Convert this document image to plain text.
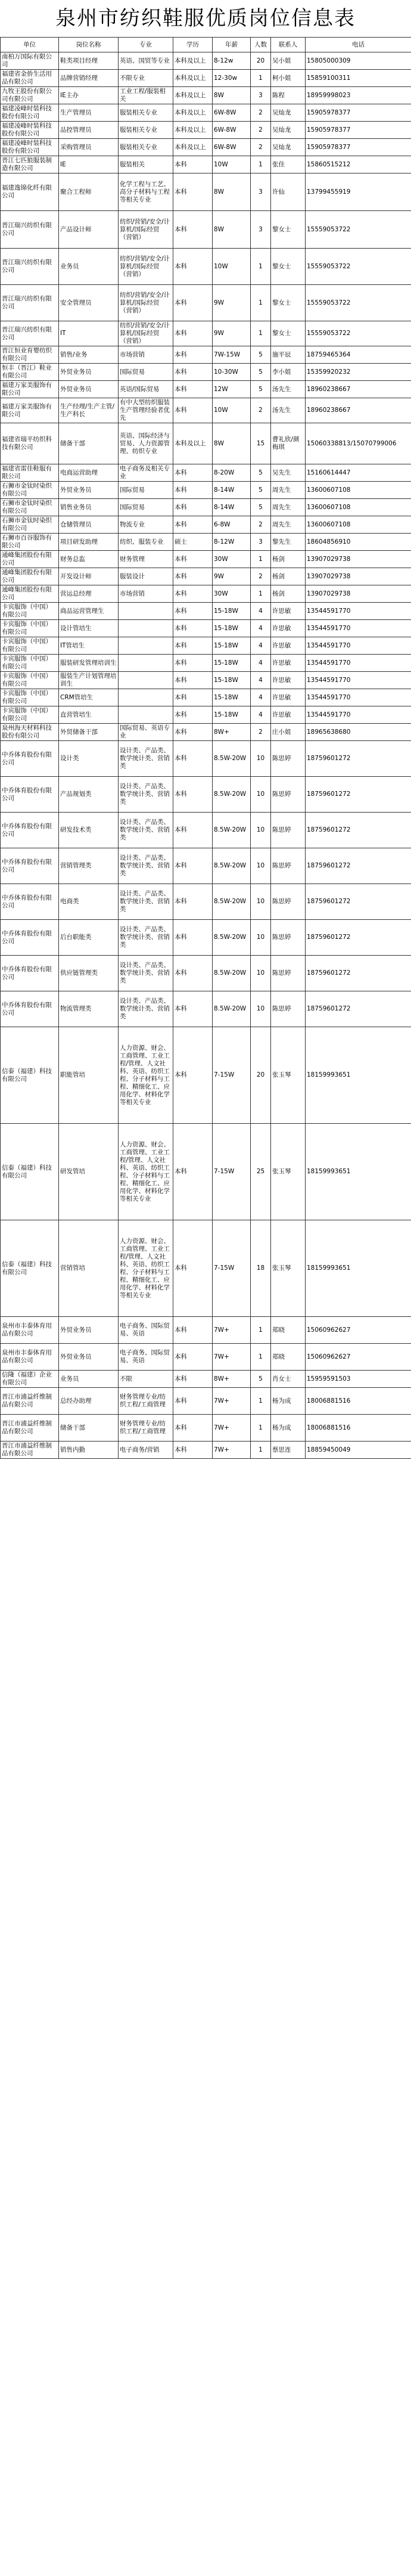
泉州市纺织鞋服优质岗位信息表
单位	岗位名称	专业	学历	年薪	人数	联系人	电话
南柏万国际有限公司	鞋类项目经理	英语、国贸等专业	本科及以上	8-12w	20	吴小姐	15805000309
福建省金侨生活用品有限公司	品牌营销经理	不限专业	本科及以上	12-30w	1	柯小姐	15859100311
九牧王股份有限公司有限公司	IE主办	工业工程/服装相关	本科及以上	8W	3	陈程	18959998023
福建凌峰时装科技股份有限公司	生产管理员	服装相关专业	本科及以上	6W-8W	2	吴灿龙	15905978377
福建凌峰时装科技股份有限公司	品控管理员	服装相关专业	本科及以上	6W-8W	2	吴灿龙	15905978377
福建凌峰时装科技股份有限公司	采购管理员	服装相关专业	本科及以上	6W-8W	2	吴灿龙	15905978377
晋江七匹狼服装制造有限公司	IE	服装相关	本科	10W	1	张佳	15860515212
福建逸锦化纤有限公司	聚合工程师	化学工程与工艺、高分子材料与工程等相关专业	本科	8W	3	许仙	13799455919
晋江瑞兴纺织有限公司	产品设计师	纺织/营销/安全/计算机/国际经贸（营销）	本科	8W	3	黎女士	15559053722
晋江瑞兴纺织有限公司	业务员	纺织/营销/安全/计算机/国际经贸（营销）	本科	10W	1	黎女士	15559053722
晋江瑞兴纺织有限公司	安全管理员	纺织/营销/安全/计算机/国际经贸（营销）	本科	9W	1	黎女士	15559053722
晋江瑞兴纺织有限公司	IT	纺织/营销/安全/计算机/国际经贸（营销）	本科	9W	1	黎女士	15559053722
晋江恒业育婴纺织有限公司	销售/业务	市场营销	本科	7W-15W	5	施平辰	18759465364
恒丰（晋江）鞋业有限公司	外贸业务员	国际贸易	本科	10-30W	5	李小姐	15359920232
福建万家美服饰有限公司	外贸业务员	英语/国际贸易	本科	12W	5	汤先生	18960238667
福建万家美服饰有限公司	生产经理/生产主管/生产科长	有中大型纺织服装生产管理经验者优先	本科	10W	2	汤先生	18960238667
福建省瑞平纺织科技有限公司	储备干部	英语、国际经济与贸易、人力资源管理、纺织专业	本科及以上	8W	15	曹礼欣/颜梅琪	15060338813/15070799006
福建省雷佳鞋服有限公司	电商运营助理	电子商务及相关专业	本科	8-20W	5	吴先生	15160614447
石狮市金钛时染织有限公司	外贸业务员	国际贸易	本科	8-14W	5	周先生	13600607108
石狮市金钛时染织有限公司	销售业务员	国际贸易	本科	8-14W	5	周先生	13600607108
石狮市金钛时染织有限公司	仓储管理员	物流专业	本科	6-8W	2	周先生	13600607108
石狮市百谷服饰有限公司	项目研发助理	纺织、服装专业	硕士	8-12W	3	黎先生	18604856910
通峰集团股份有限公司	财务总监	财务管理	本科	30W	1	杨剑	13907029738
通峰集团股份有限公司	开发设计师	服装设计	本科	9W	2	杨剑	13907029738
通峰集团股份有限公司	营运总经理	市场营销	本科	30W	1	杨剑	13907029738
卡宾服饰（中国）有限公司	商品运营管理生		本科	15-18W	4	许思敏	13544591770
卡宾服饰（中国）有限公司	设计管培生		本科	15-18W	4	许思敏	13544591770
卡宾服饰（中国）有限公司	IT管培生		本科	15-18W	4	许思敏	13544591770
卡宾服饰（中国）有限公司	服装研发管理培训生		本科	15-18W	4	许思敏	13544591770
卡宾服饰（中国）有限公司	服装生产计划管理培训生		本科	15-18W	4	许思敏	13544591770
卡宾服饰（中国）有限公司	CRM管培生		本科	15-18W	4	许思敏	13544591770
卡宾服饰（中国）有限公司	直营管培生		本科	15-18W	4	许思敏	13544591770
泉州海天材料科技股份有限公司	外贸储备干部	国际贸易、英语专业	本科	8W+	2	庄小姐	18965638680
中乔体育股份有限公司	设计类	设计类、产品类、数学统计类、营销类	本科	8.5W-20W	10	陈思婷	18759601272
中乔体育股份有限公司	产品规划类	设计类、产品类、数学统计类、营销类	本科	8.5W-20W	10	陈思婷	18759601272
中乔体育股份有限公司	研发技术类	设计类、产品类、数学统计类、营销类	本科	8.5W-20W	10	陈思婷	18759601272
中乔体育股份有限公司	营销管理类	设计类、产品类、数学统计类、营销类	本科	8.5W-20W	10	陈思婷	18759601272
中乔体育股份有限公司	电商类	设计类、产品类、数学统计类、营销类	本科	8.5W-20W	10	陈思婷	18759601272
中乔体育股份有限公司	后台职能类	设计类、产品类、数学统计类、营销类	本科	8.5W-20W	10	陈思婷	18759601272
中乔体育股份有限公司	供应链管理类	设计类、产品类、数学统计类、营销类	本科	8.5W-20W	10	陈思婷	18759601272
中乔体育股份有限公司	物流管理类	设计类、产品类、数学统计类、营销类	本科	8.5W-20W	10	陈思婷	18759601272
信泰（福建）科技有限公司	职能管培	人力资源、财会、工商管理、工业工程/管理、人文社科、英语、纺织工程、分子材料与工程、精细化工、应用化学、材料化学等相关专业	本科	7-15W	20	张玉琴	18159993651
信泰（福建）科技有限公司	研发管培	人力资源、财会、工商管理、工业工程/管理、人文社科、英语、纺织工程、分子材料与工程、精细化工、应用化学、材料化学等相关专业	本科	7-15W	25	张玉琴	18159993651
信泰（福建）科技有限公司	营销管培	人力资源、财会、工商管理、工业工程/管理、人文社科、英语、纺织工程、分子材料与工程、精细化工、应用化学、材料化学等相关专业	本科	7-15W	18	张玉琴	18159993651
泉州市丰泰体育用品有限公司	外贸业务员	电子商务、国际贸易、英语	本科	7W+	1	郑晓	15060962627
泉州市丰泰体育用品有限公司	外贸业务员	电子商务、国际贸易、英语	本科	7W+	1	郑晓	15060962627
信隆（福建）企业有限公司	业务员	不限	本科	8W+	5	肖女士	15959591503
晋江市浦益纤维制品有限公司	总经办助理	财务管理专业/纺织工程/工商管理	本科	7W+	1	杨为成	18006881516
晋江市浦益纤维制品有限公司	储备干部	财务管理专业/纺织工程/工商管理	本科	7W+	1	杨为成	18006881516
晋江市浦益纤维制品有限公司	销售内勤	电子商务/营销	本科	7W+	1	蔡思连	18859450049
